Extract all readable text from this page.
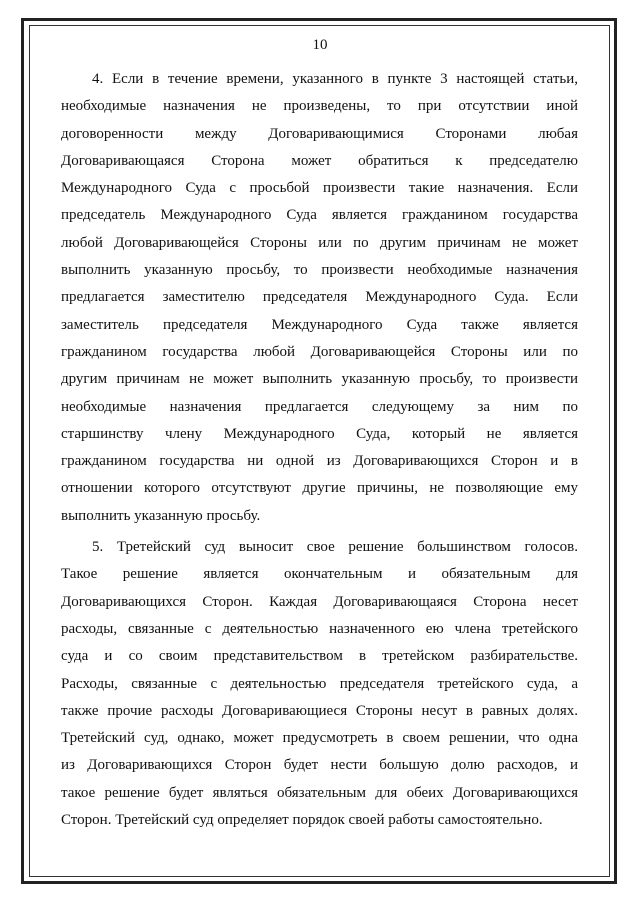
10
4. Если в течение времени, указанного в пункте 3 настоящей статьи,
необходимые назначения не произведены, то при отсутствии иной
договоренности между Договаривающимися Сторонами любая
Договаривающаяся Сторона может обратиться к председателю
Международного Суда с просьбой произвести такие назначения. Если
председатель Международного Суда является гражданином государства
любой Договаривающейся Стороны или по другим причинам не может
выполнить указанную просьбу, то произвести необходимые назначения
предлагается заместителю председателя Международного Суда. Если
заместитель председателя Международного Суда также является
гражданином государства любой Договаривающейся Стороны или по
другим причинам не может выполнить указанную просьбу, то произвести
необходимые назначения предлагается следующему за ним по
старшинству члену Международного Суда, который не является
гражданином государства ни одной из Договаривающихся Сторон и в
отношении которого отсутствуют другие причины, не позволяющие ему
выполнить указанную просьбу.
5. Третейский суд выносит свое решение большинством голосов.
Такое решение является окончательным и обязательным для
Договаривающихся Сторон. Каждая Договаривающаяся Сторона несет
расходы, связанные с деятельностью назначенного ею члена третейского
суда и со своим представительством в третейском разбирательстве.
Расходы, связанные с деятельностью председателя третейского суда, а
также прочие расходы Договаривающиеся Стороны несут в равных долях.
Третейский суд, однако, может предусмотреть в своем решении, что одна
из Договаривающихся Сторон будет нести большую долю расходов, и
такое решение будет являться обязательным для обеих Договаривающихся
Сторон. Третейский суд определяет порядок своей работы самостоятельно.
